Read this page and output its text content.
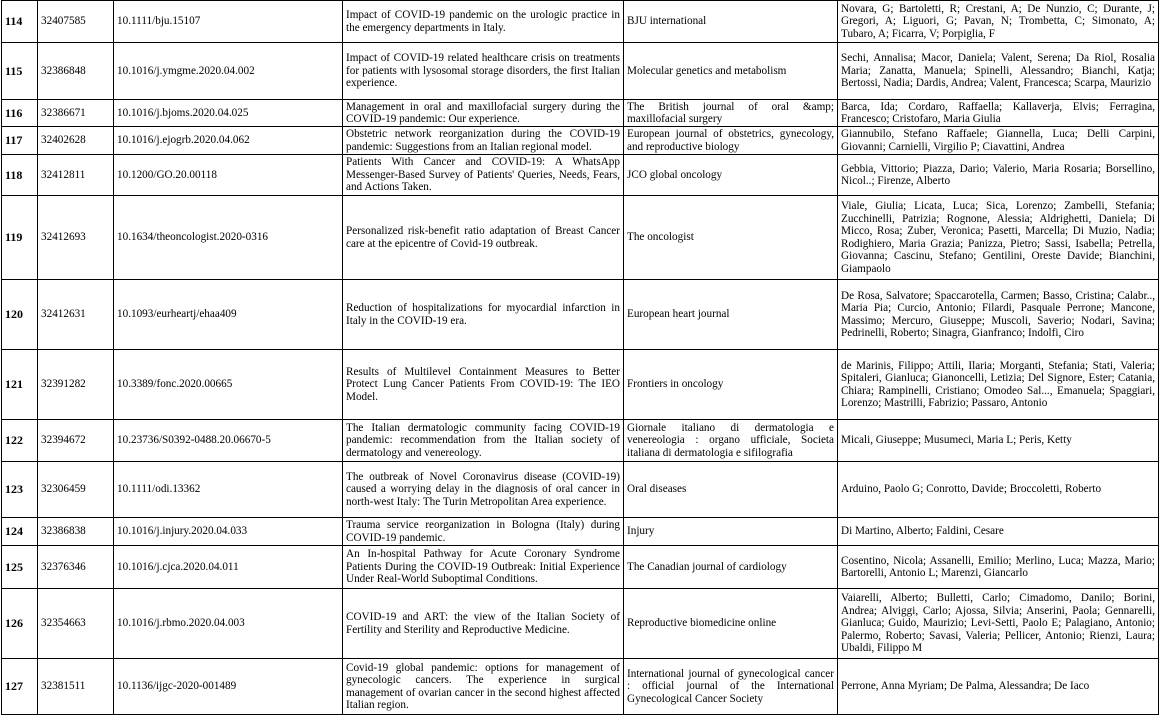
114	32407585	10.1111/bju.15107	Impact of COVID-19 pandemic on the urologic practice in the emergency departments in Italy.	BJU international	Novara, G; Bartoletti, R; Crestani, A; De Nunzio, C; Durante, J; Gregori, A; Liguori, G; Pavan, N; Trombetta, C; Simonato, A; Tubaro, A; Ficarra, V; Porpiglia, F
115	32386848	10.1016/j.ymgme.2020.04.002	Impact of COVID-19 related healthcare crisis on treatments for patients with lysosomal storage disorders, the first Italian experience.	Molecular genetics and metabolism	Sechi, Annalisa; Macor, Daniela; Valent, Serena; Da Riol, Rosalia Maria; Zanatta, Manuela; Spinelli, Alessandro; Bianchi, Katja; Bertossi, Nadia; Dardis, Andrea; Valent, Francesca; Scarpa, Maurizio
116	32386671	10.1016/j.bjoms.2020.04.025	Management in oral and maxillofacial surgery during the COVID-19 pandemic: Our experience.	The British journal of oral &amp; maxillofacial surgery	Barca, Ida; Cordaro, Raffaella; Kallaverja, Elvis; Ferragina, Francesco; Cristofaro, Maria Giulia
117	32402628	10.1016/j.ejogrb.2020.04.062	Obstetric network reorganization during the COVID-19 pandemic: Suggestions from an Italian regional model.	European journal of obstetrics, gynecology, and reproductive biology	Giannubilo, Stefano Raffaele; Giannella, Luca; Delli Carpini, Giovanni; Carnielli, Virgilio P; Ciavattini, Andrea
118	32412811	10.1200/GO.20.00118	Patients With Cancer and COVID-19: A WhatsApp Messenger-Based Survey of Patients' Queries, Needs, Fears, and Actions Taken.	JCO global oncology	Gebbia, Vittorio; Piazza, Dario; Valerio, Maria Rosaria; Borsellino, Nicol..; Firenze, Alberto
119	32412693	10.1634/theoncologist.2020-0316	Personalized risk-benefit ratio adaptation of Breast Cancer care at the epicentre of Covid-19 outbreak.	The oncologist	Viale, Giulia; Licata, Luca; Sica, Lorenzo; Zambelli, Stefania; Zucchinelli, Patrizia; Rognone, Alessia; Aldrighetti, Daniela; Di Micco, Rosa; Zuber, Veronica; Pasetti, Marcella; Di Muzio, Nadia; Rodighiero, Maria Grazia; Panizza, Pietro; Sassi, Isabella; Petrella, Giovanna; Cascinu, Stefano; Gentilini, Oreste Davide; Bianchini, Giampaolo
120	32412631	10.1093/eurheartj/ehaa409	Reduction of hospitalizations for myocardial infarction in Italy in the COVID-19 era.	European heart journal	De Rosa, Salvatore; Spaccarotella, Carmen; Basso, Cristina; Calabr.., Maria Pia; Curcio, Antonio; Filardi, Pasquale Perrone; Mancone, Massimo; Mercuro, Giuseppe; Muscoli, Saverio; Nodari, Savina; Pedrinelli, Roberto; Sinagra, Gianfranco; Indolfi, Ciro
121	32391282	10.3389/fonc.2020.00665	Results of Multilevel Containment Measures to Better Protect Lung Cancer Patients From COVID-19: The IEO Model.	Frontiers in oncology	de Marinis, Filippo; Attili, Ilaria; Morganti, Stefania; Stati, Valeria; Spitaleri, Gianluca; Gianoncelli, Letizia; Del Signore, Ester; Catania, Chiara; Rampinelli, Cristiano; Omodeo Sal..., Emanuela; Spaggiari, Lorenzo; Mastrilli, Fabrizio; Passaro, Antonio
122	32394672	10.23736/S0392-0488.20.06670-5	The Italian dermatologic community facing COVID-19 pandemic: recommendation from the Italian society of dermatology and venereology.	Giornale italiano di dermatologia e venereologia : organo ufficiale, Societa italiana di dermatologia e sifilografia	Micali, Giuseppe; Musumeci, Maria L; Peris, Ketty
123	32306459	10.1111/odi.13362	The outbreak of Novel Coronavirus disease (COVID-19) caused a worrying delay in the diagnosis of oral cancer in north-west Italy: The Turin Metropolitan Area experience.	Oral diseases	Arduino, Paolo G; Conrotto, Davide; Broccoletti, Roberto
124	32386838	10.1016/j.injury.2020.04.033	Trauma service reorganization in Bologna (Italy) during COVID-19 pandemic.	Injury	Di Martino, Alberto; Faldini, Cesare
125	32376346	10.1016/j.cjca.2020.04.011	An In-hospital Pathway for Acute Coronary Syndrome Patients During the COVID-19 Outbreak: Initial Experience Under Real-World Suboptimal Conditions.	The Canadian journal of cardiology	Cosentino, Nicola; Assanelli, Emilio; Merlino, Luca; Mazza, Mario; Bartorelli, Antonio L; Marenzi, Giancarlo
126	32354663	10.1016/j.rbmo.2020.04.003	COVID-19 and ART: the view of the Italian Society of Fertility and Sterility and Reproductive Medicine.	Reproductive biomedicine online	Vaiarelli, Alberto; Bulletti, Carlo; Cimadomo, Danilo; Borini, Andrea; Alviggi, Carlo; Ajossa, Silvia; Anserini, Paola; Gennarelli, Gianluca; Guido, Maurizio; Levi-Setti, Paolo E; Palagiano, Antonio; Palermo, Roberto; Savasi, Valeria; Pellicer, Antonio; Rienzi, Laura; Ubaldi, Filippo M
127	32381511	10.1136/ijgc-2020-001489	Covid-19 global pandemic: options for management of gynecologic cancers. The experience in surgical management of ovarian cancer in the second highest affected Italian region.	International journal of gynecological cancer : official journal of the International Gynecological Cancer Society	Perrone, Anna Myriam; De Palma, Alessandra; De Iaco
